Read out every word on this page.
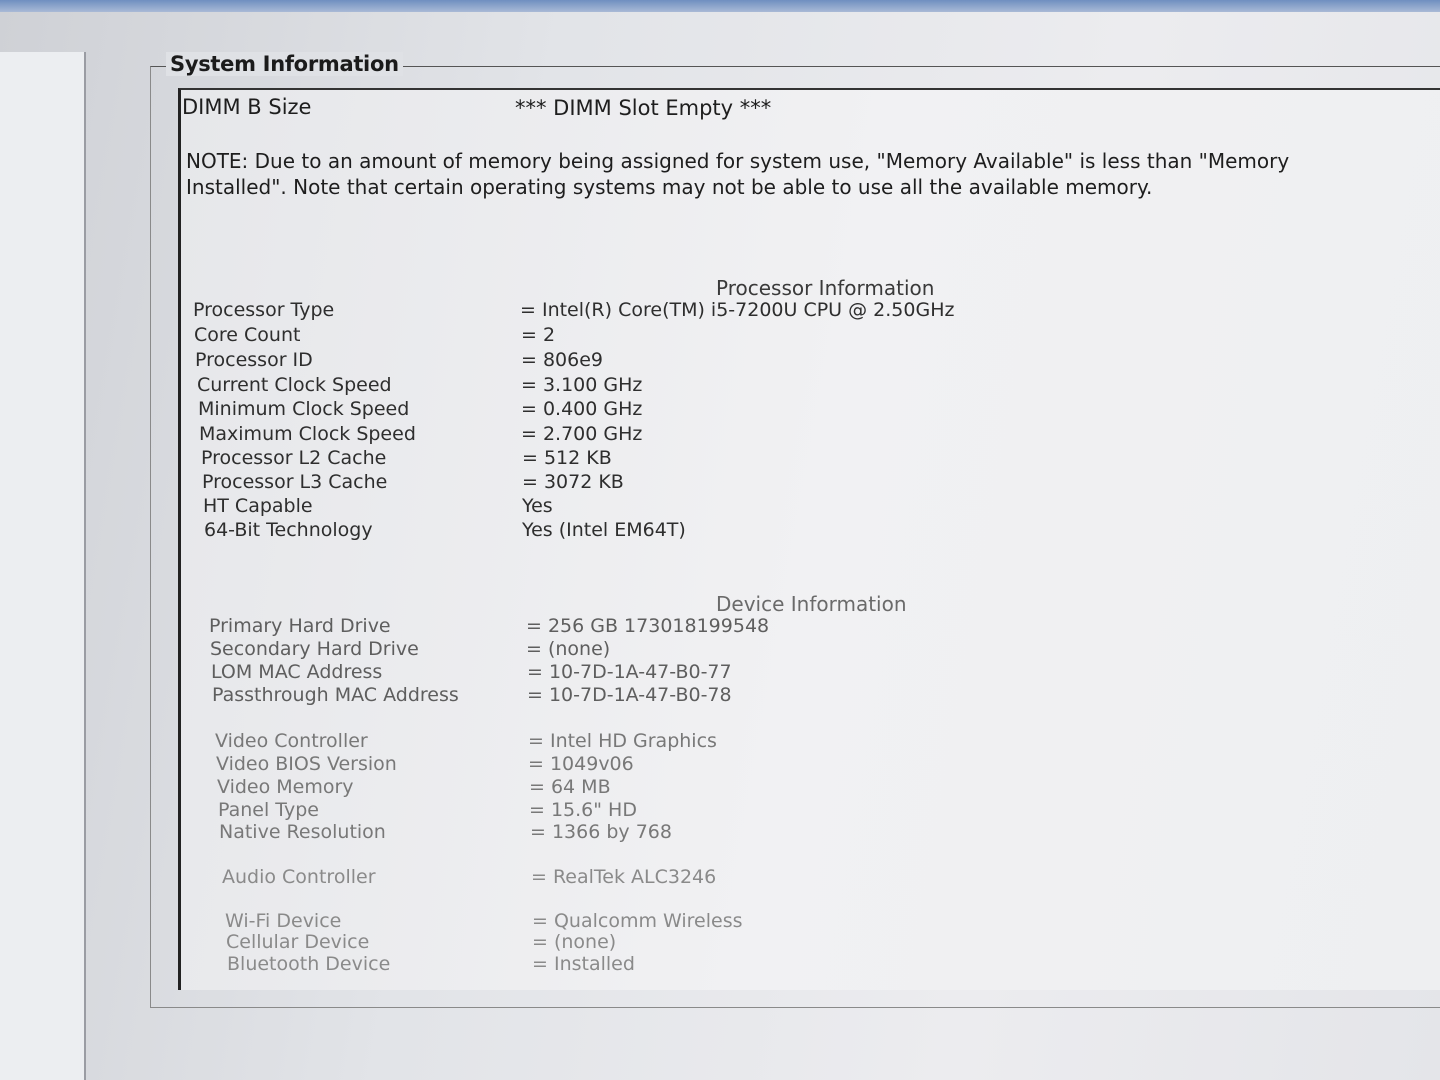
System Information
DIMM B Size	*** DIMM Slot Empty ***
NOTE: Due to an amount of memory being assigned for system use, "Memory Available" is less than "Memory Installed". Note that certain operating systems may not be able to use all the available memory.
Processor Information
Processor Type	= Intel(R) Core(TM) i5-7200U CPU @ 2.50GHz
Core Count	= 2
Processor ID	= 806e9
Current Clock Speed	= 3.100 GHz
Minimum Clock Speed	= 0.400 GHz
Maximum Clock Speed	= 2.700 GHz
Processor L2 Cache	= 512 KB
Processor L3 Cache	= 3072 KB
HT Capable	Yes
64-Bit Technology	Yes (Intel EM64T)
Device Information
Primary Hard Drive	= 256 GB 173018199548
Secondary Hard Drive	= (none)
LOM MAC Address	= 10-7D-1A-47-B0-77
Passthrough MAC Address	= 10-7D-1A-47-B0-78
Video Controller	= Intel HD Graphics
Video BIOS Version	= 1049v06
Video Memory	= 64 MB
Panel Type	= 15.6" HD
Native Resolution	= 1366 by 768
Audio Controller	= RealTek ALC3246
Wi-Fi Device	= Qualcomm Wireless
Cellular Device	= (none)
Bluetooth Device	= Installed
